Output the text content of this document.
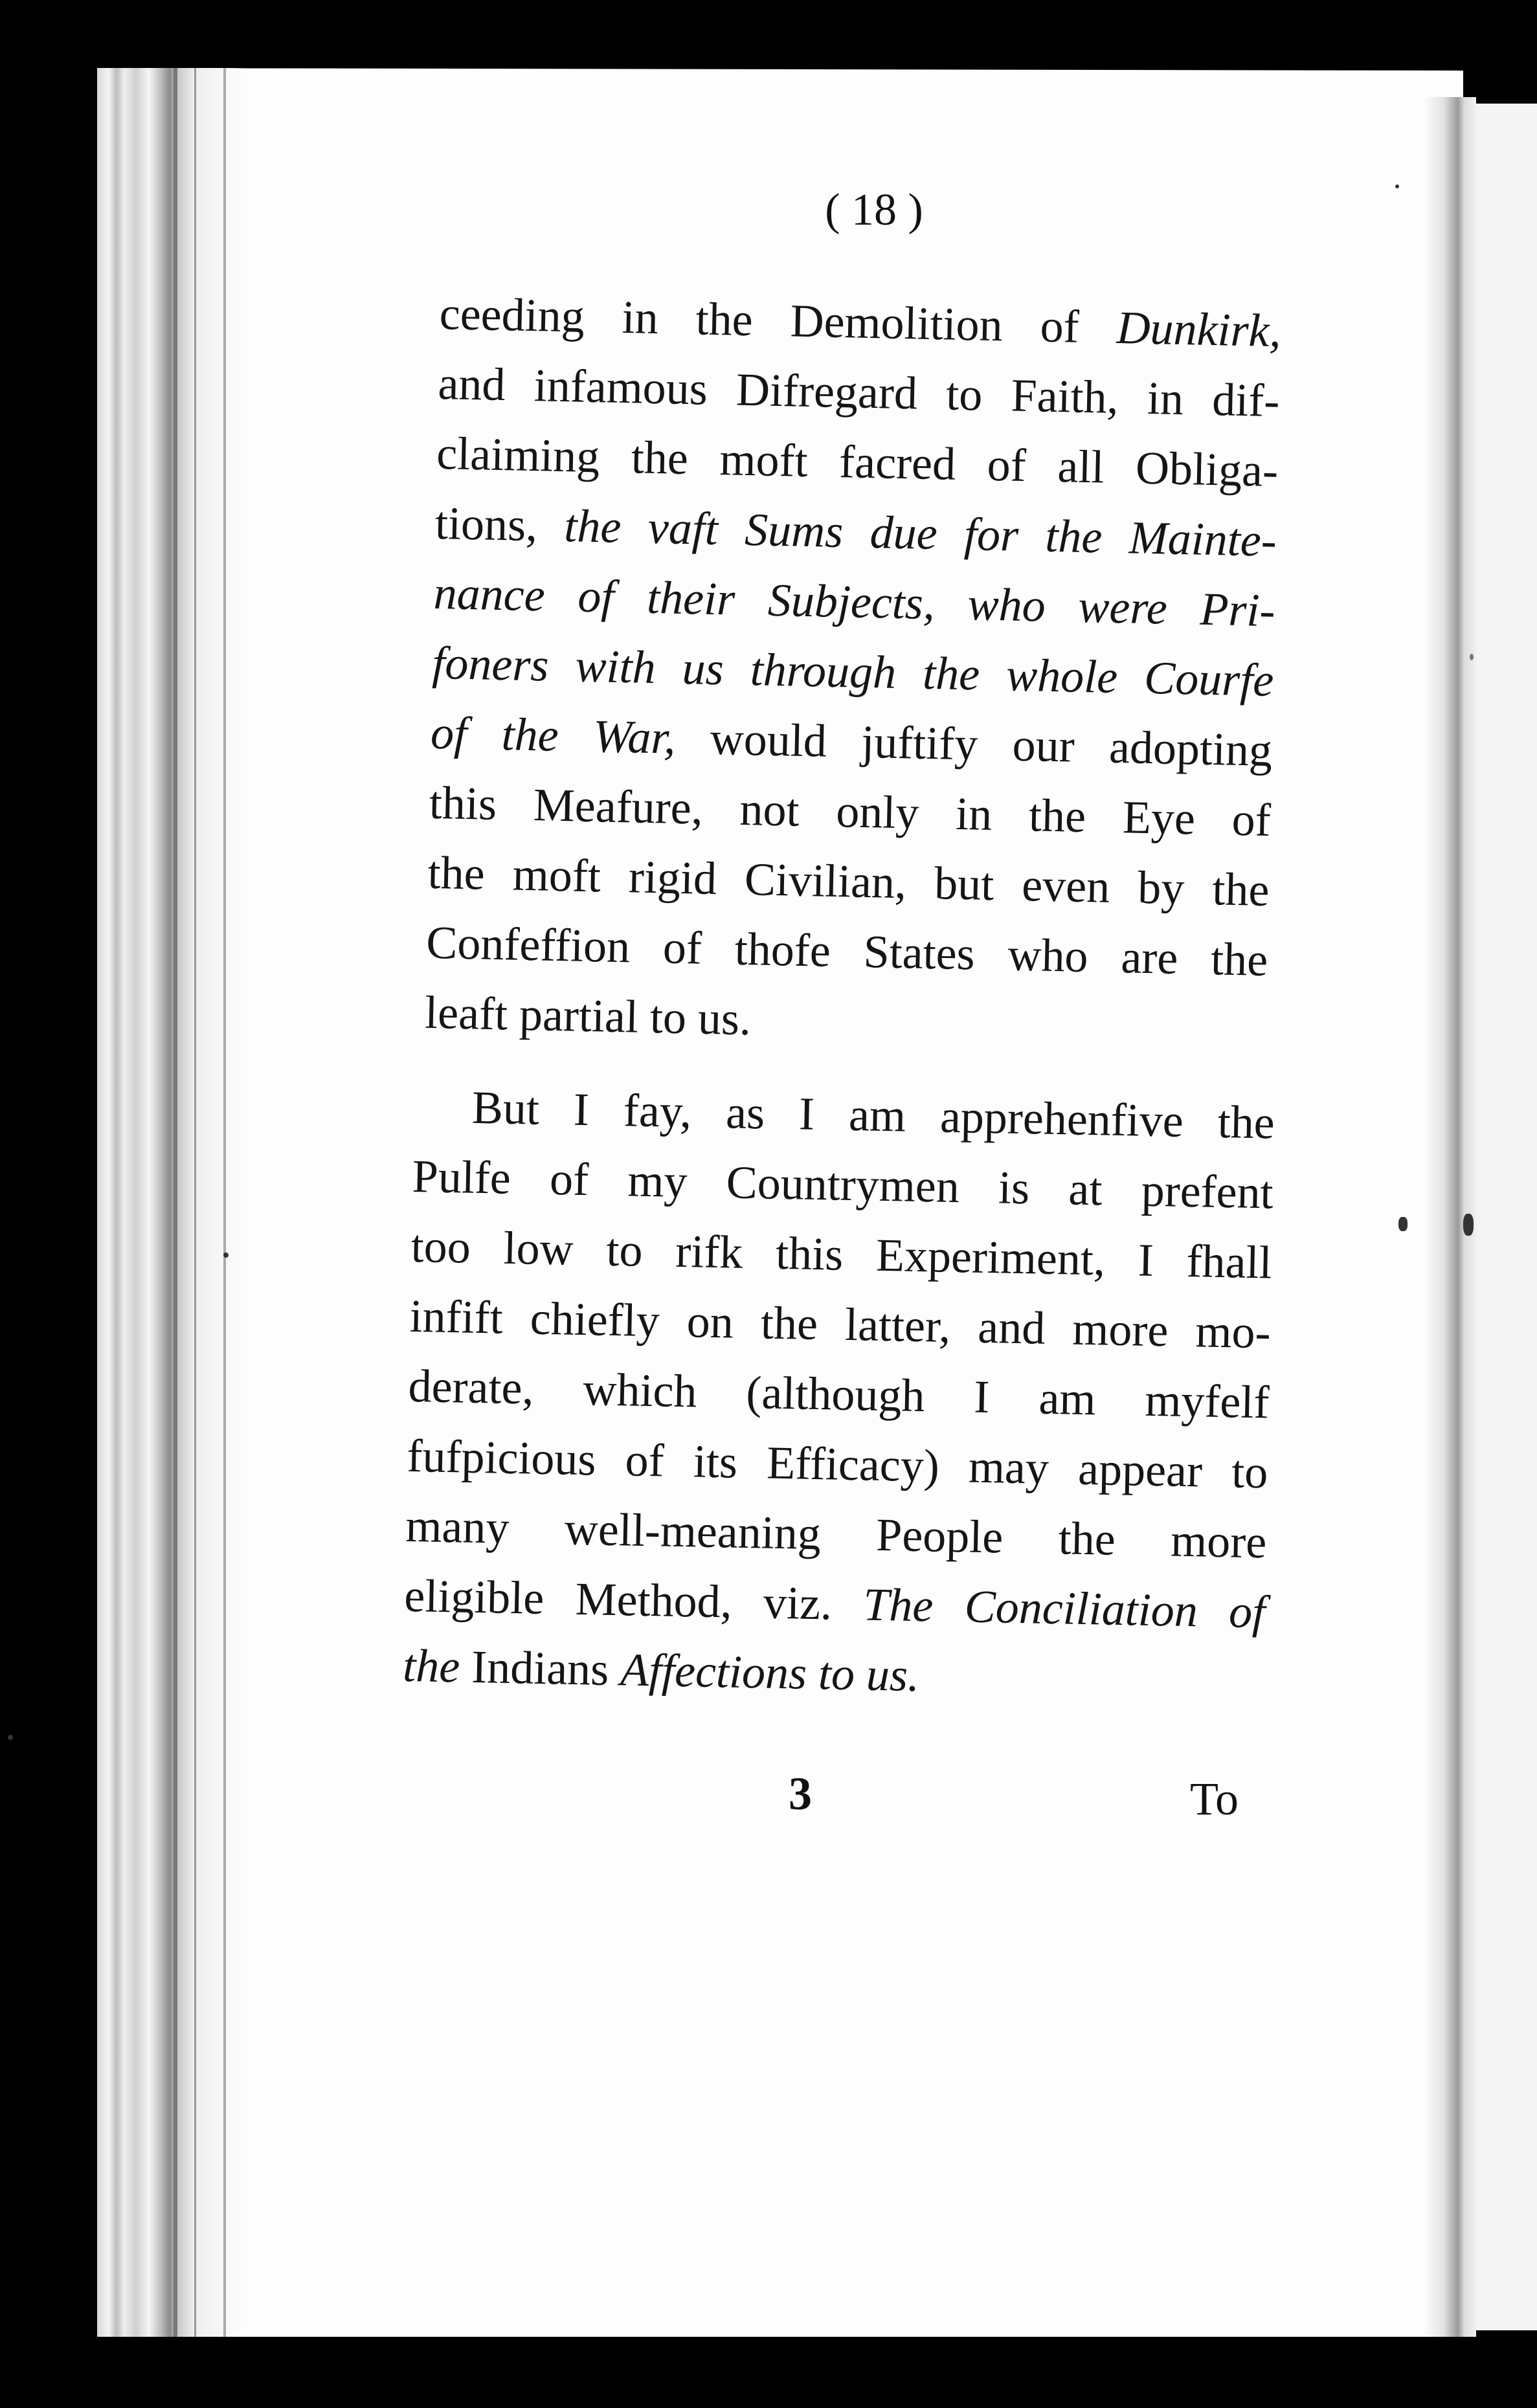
( 18 )
ceeding in the Demolition of Dunkirk,
and infamous Difregard to Faith, in dif-
claiming the moft facred of all Obliga-
tions, the vaft Sums due for the Mainte-
nance of their Subjects, who were Pri-
foners with us through the whole Courfe
of the War, would juftify our adopting
this Meafure, not only in the Eye of
the moft rigid Civilian, but even by the
Confeffion of thofe States who are the
leaft partial to us.
But I fay, as I am apprehenfive the
Pulfe of my Countrymen is at prefent
too low to rifk this Experiment, I fhall
infift chiefly on the latter, and more mo-
derate, which (although I am myfelf
fufpicious of its Efficacy) may appear to
many well-meaning People the more
eligible Method, viz. The Conciliation of
the Indians Affections to us.
3	To
